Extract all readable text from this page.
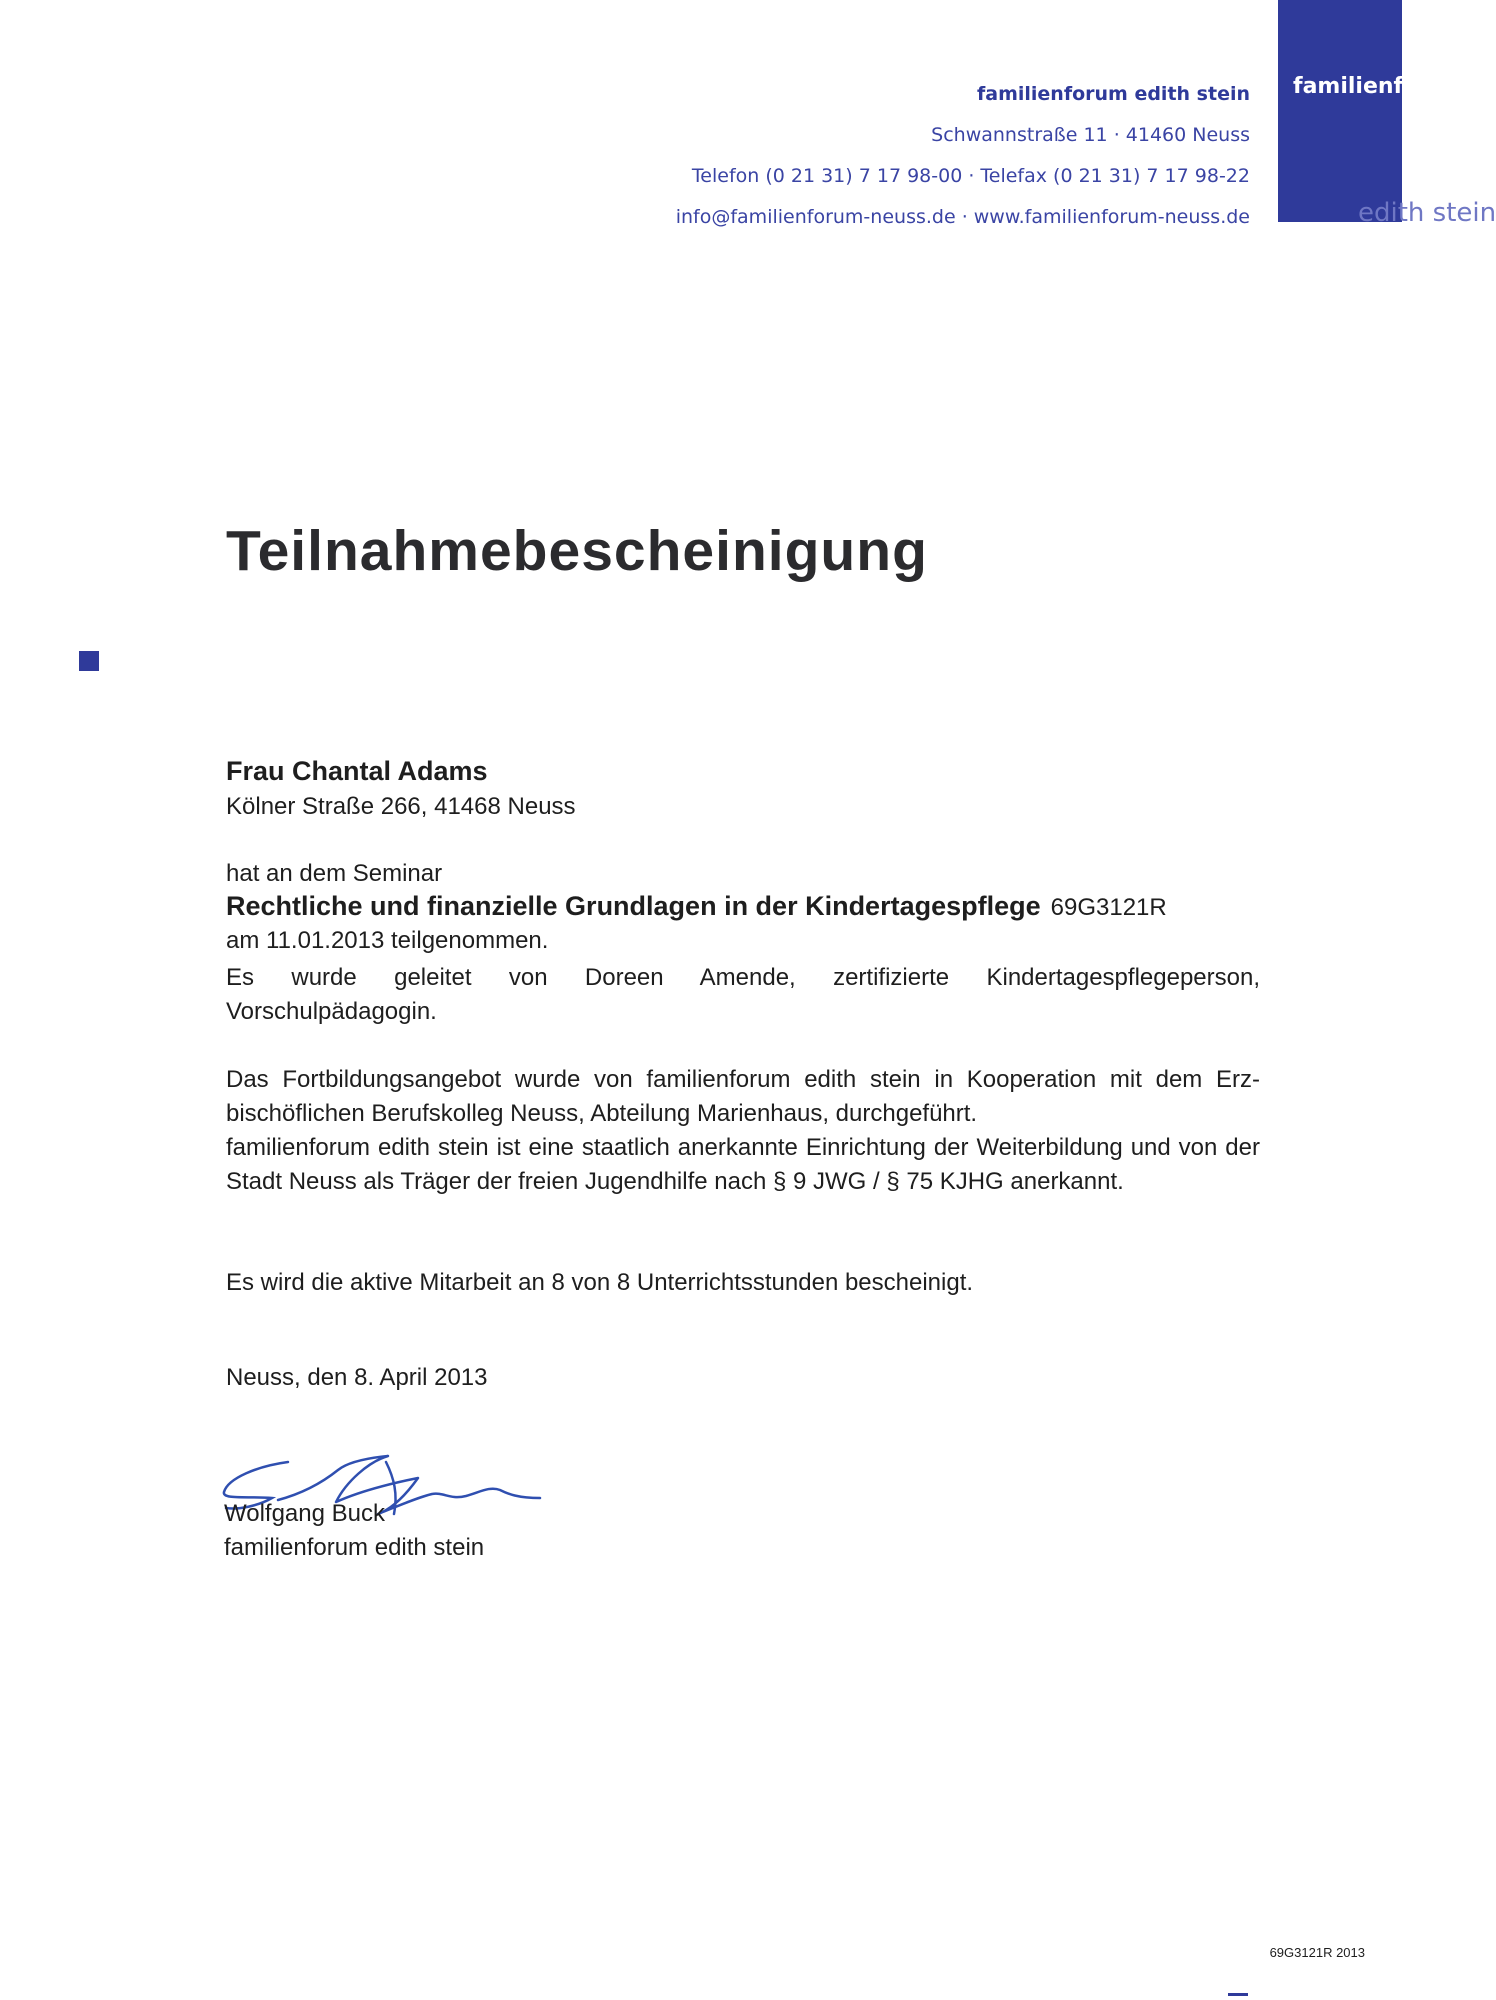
familienforum
edith stein
familienforum edith stein
Schwannstraße 11 · 41460 Neuss
Telefon (0 21 31) 7 17 98-00 · Telefax (0 21 31) 7 17 98-22
info@familienforum-neuss.de · www.familienforum-neuss.de
Teilnahmebescheinigung
Frau Chantal Adams
Kölner Straße 266, 41468 Neuss
hat an dem Seminar
Rechtliche und finanzielle Grundlagen in der Kindertagespflege 69G3121R
am 11.01.2013 teilgenommen.
Es wurde geleitet von Doreen Amende, zertifizierte Kindertagespflegeperson, Vorschulpädagogin.
Das Fortbildungsangebot wurde von familienforum edith stein in Kooperation mit dem Erz-bischöflichen Berufskolleg Neuss, Abteilung Marienhaus, durchgeführt.
familienforum edith stein ist eine staatlich anerkannte Einrichtung der Weiterbildung und von der Stadt Neuss als Träger der freien Jugendhilfe nach § 9 JWG / § 75 KJHG anerkannt.
Es wird die aktive Mitarbeit an 8 von 8 Unterrichtsstunden bescheinigt.
Neuss, den 8. April 2013
Wolfgang Buck
familienforum edith stein
69G3121R 2013
